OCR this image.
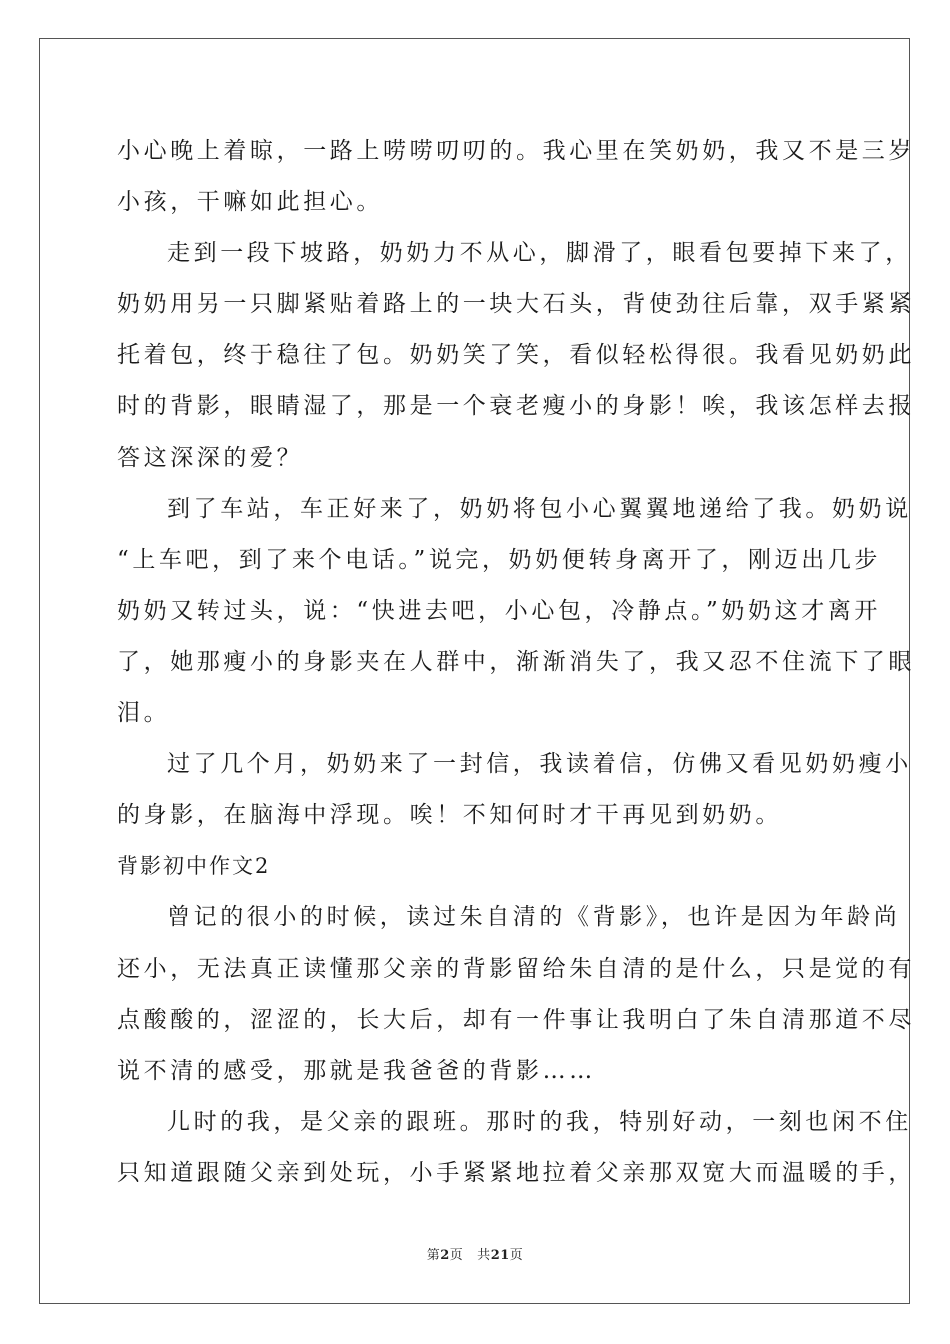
小心晚上着晾，一路上唠唠叨叨的。我心里在笑奶奶，我又不是三岁
小孩，干嘛如此担心。
走到一段下坡路，奶奶力不从心，脚滑了，眼看包要掉下来了，
奶奶用另一只脚紧贴着路上的一块大石头，背使劲往后靠，双手紧紧
托着包，终于稳往了包。奶奶笑了笑，看似轻松得很。我看见奶奶此
时的背影，眼睛湿了，那是一个衰老瘦小的身影！唉，我该怎样去报
答这深深的爱？
到了车站，车正好来了，奶奶将包小心翼翼地递给了我。奶奶说
“上车吧，到了来个电话。”说完，奶奶便转身离开了，刚迈出几步
奶奶又转过头，说：“快进去吧，小心包，冷静点。”奶奶这才离开
了，她那瘦小的身影夹在人群中，渐渐消失了，我又忍不住流下了眼
泪。
过了几个月，奶奶来了一封信，我读着信，仿佛又看见奶奶瘦小
的身影，在脑海中浮现。唉！不知何时才干再见到奶奶。
背影初中作文2
曾记的很小的时候，读过朱自清的《背影》，也许是因为年龄尚
还小，无法真正读懂那父亲的背影留给朱自清的是什么，只是觉的有
点酸酸的，涩涩的，长大后，却有一件事让我明白了朱自清那道不尽
说不清的感受，那就是我爸爸的背影……
儿时的我，是父亲的跟班。那时的我，特别好动，一刻也闲不住
只知道跟随父亲到处玩，小手紧紧地拉着父亲那双宽大而温暖的手，
第2页 共21页
